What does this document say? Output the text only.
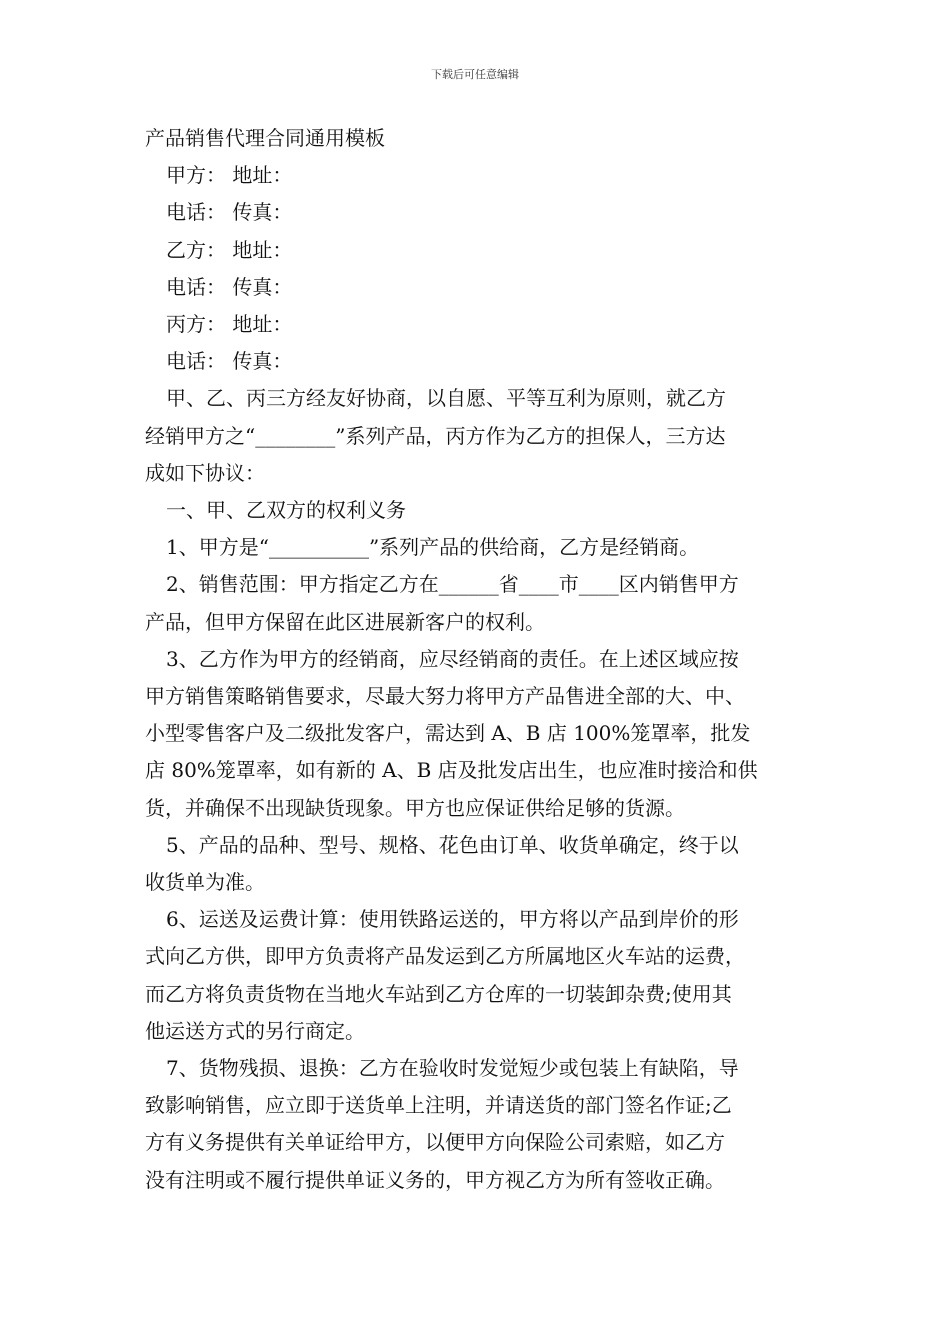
下载后可任意编辑

产品销售代理合同通用模板

甲方： 地址：

电话： 传真：

乙方： 地址：

电话： 传真：

丙方： 地址：

电话： 传真：

甲、乙、丙三方经友好协商，以自愿、平等互利为原则，就乙方

经销甲方之“________”系列产品，丙方作为乙方的担保人，三方达

成如下协议：

一、甲、乙双方的权利义务

1、甲方是“__________”系列产品的供给商，乙方是经销商。

2、销售范围：甲方指定乙方在______省____市____区内销售甲方

产品，但甲方保留在此区进展新客户的权利。

3、乙方作为甲方的经销商，应尽经销商的责任。在上述区域应按

甲方销售策略销售要求，尽最大努力将甲方产品售进全部的大、中、

小型零售客户及二级批发客户，需达到 A、B 店 100%笼罩率，批发

店 80%笼罩率，如有新的 A、B 店及批发店出生，也应准时接洽和供

货，并确保不出现缺货现象。甲方也应保证供给足够的货源。

5、产品的品种、型号、规格、花色由订单、收货单确定，终于以

收货单为准。

6、运送及运费计算：使用铁路运送的，甲方将以产品到岸价的形

式向乙方供，即甲方负责将产品发运到乙方所属地区火车站的运费，

而乙方将负责货物在当地火车站到乙方仓库的一切装卸杂费;使用其

他运送方式的另行商定。

7、货物残损、退换：乙方在验收时发觉短少或包装上有缺陷，导

致影响销售，应立即于送货单上注明，并请送货的部门签名作证;乙

方有义务提供有关单证给甲方，以便甲方向保险公司索赔，如乙方

没有注明或不履行提供单证义务的，甲方视乙方为所有签收正确。
